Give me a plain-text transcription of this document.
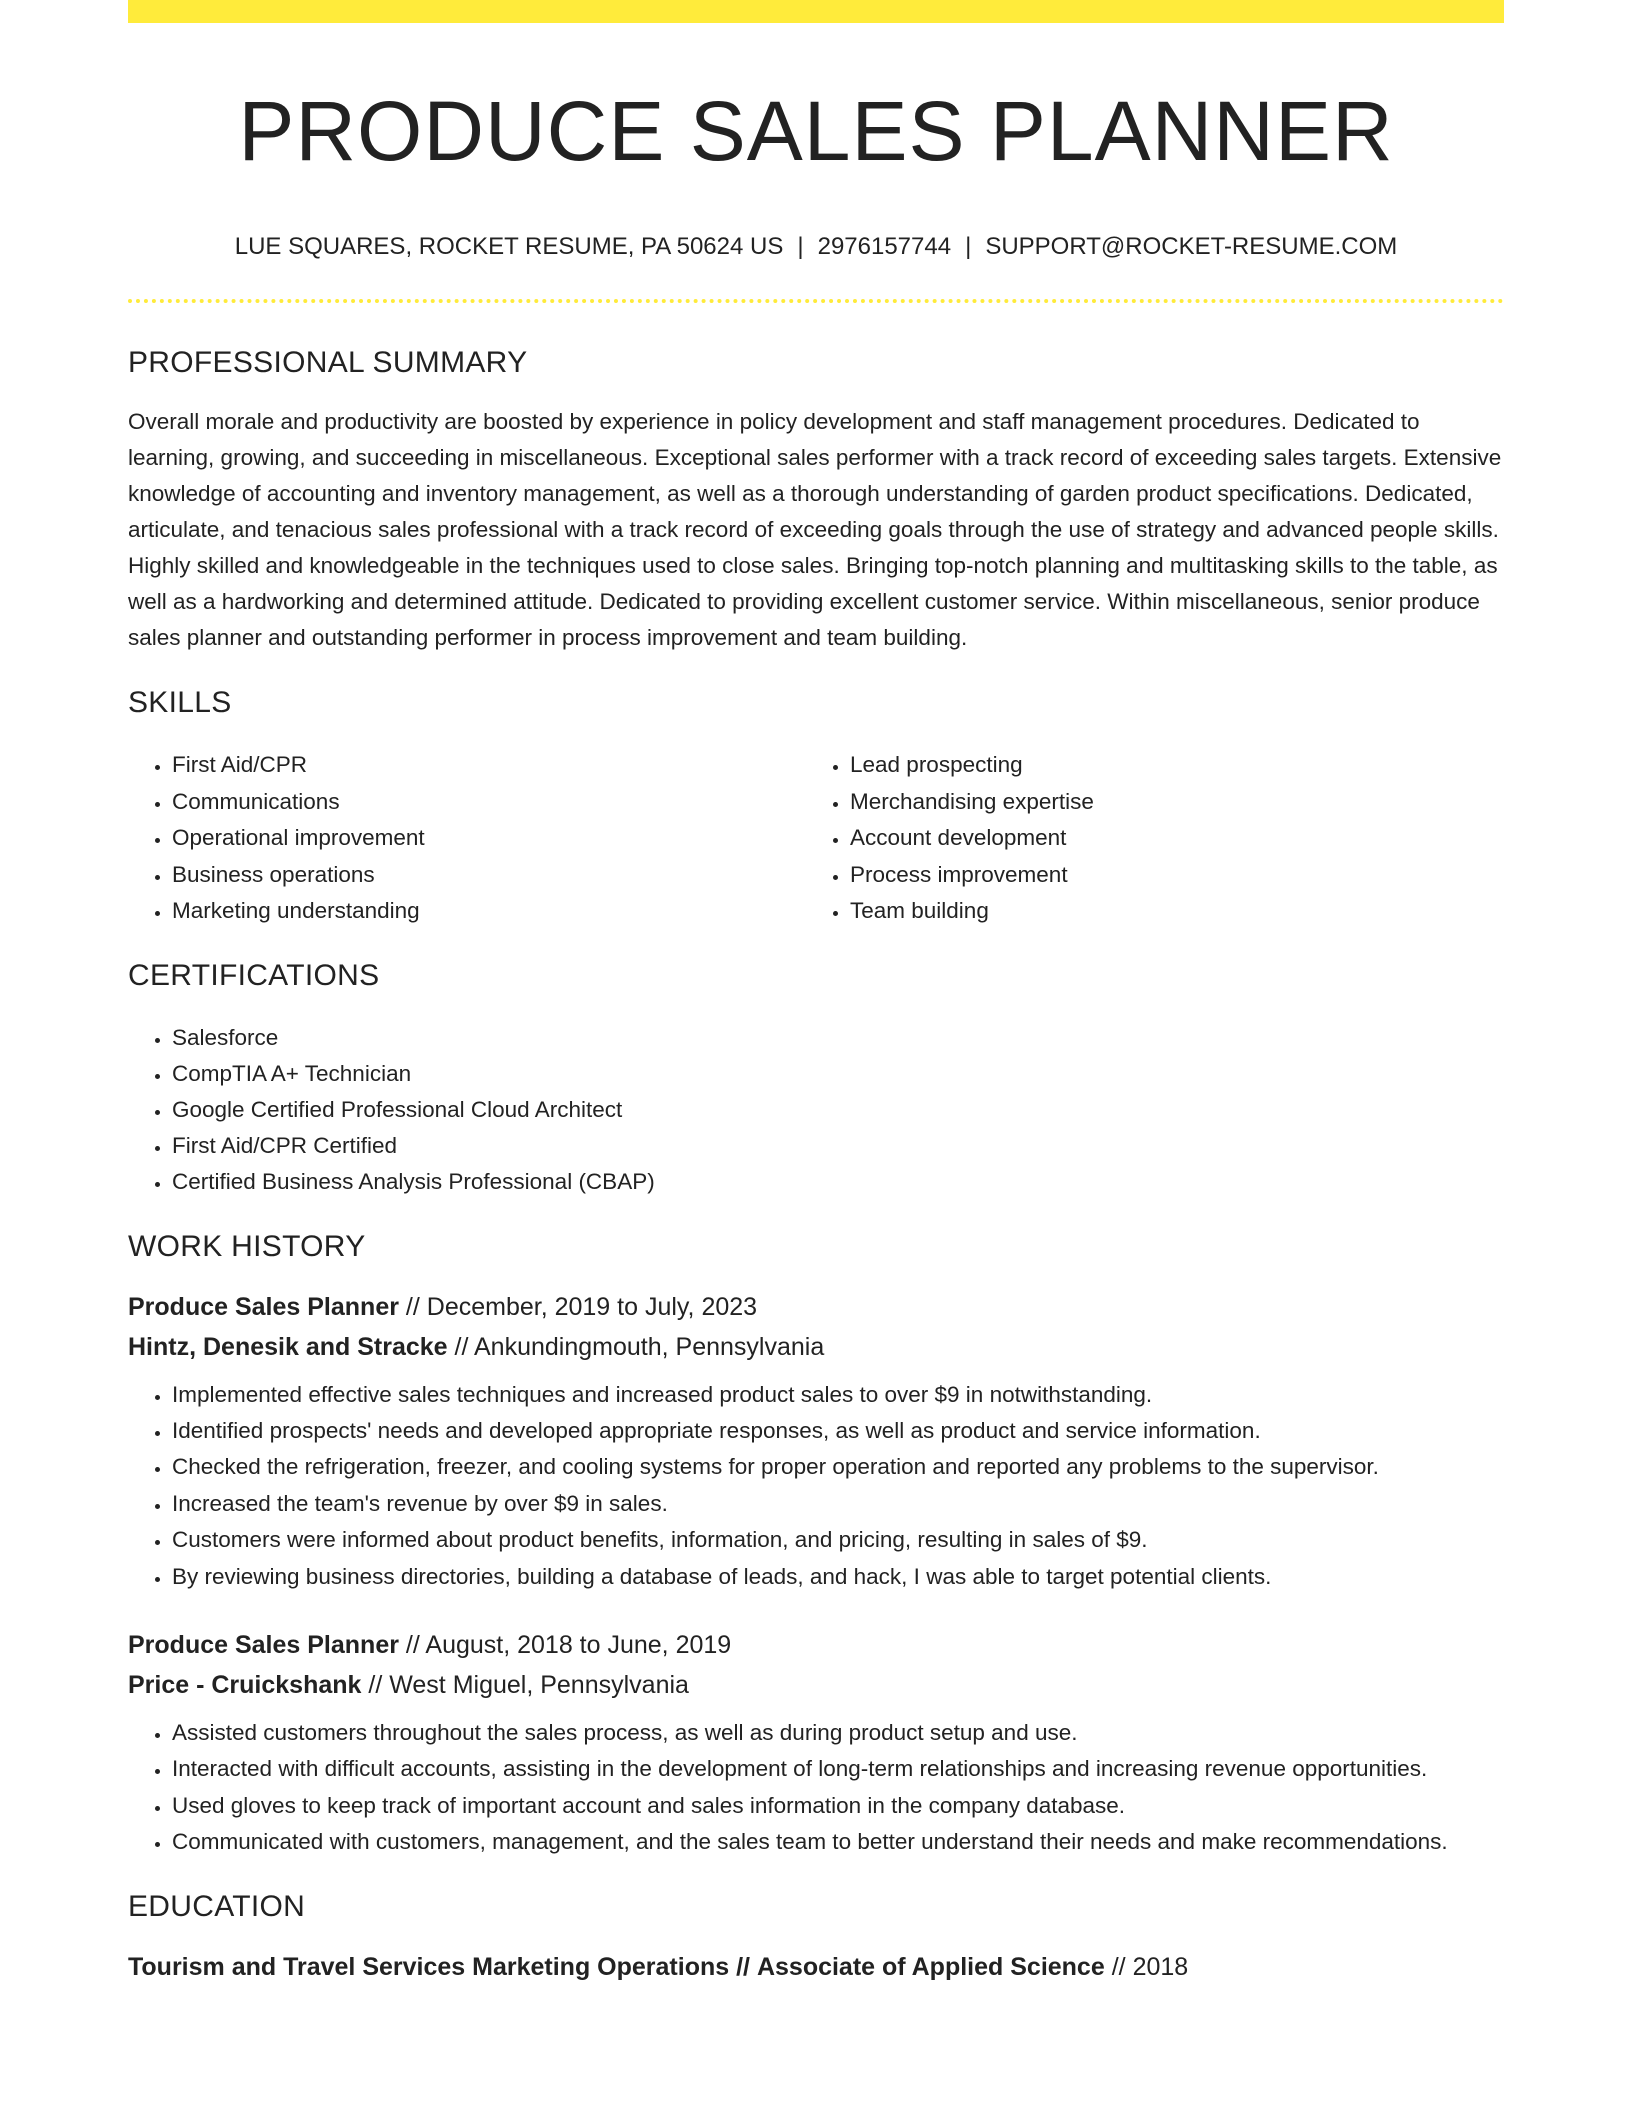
PRODUCE SALES PLANNER
LUE SQUARES, ROCKET RESUME, PA 50624 US | 2976157744 | SUPPORT@ROCKET-RESUME.COM
PROFESSIONAL SUMMARY
Overall morale and productivity are boosted by experience in policy development and staff management procedures. Dedicated to learning, growing, and succeeding in miscellaneous. Exceptional sales performer with a track record of exceeding sales targets. Extensive knowledge of accounting and inventory management, as well as a thorough understanding of garden product specifications. Dedicated, articulate, and tenacious sales professional with a track record of exceeding goals through the use of strategy and advanced people skills. Highly skilled and knowledgeable in the techniques used to close sales. Bringing top-notch planning and multitasking skills to the table, as well as a hardworking and determined attitude. Dedicated to providing excellent customer service. Within miscellaneous, senior produce sales planner and outstanding performer in process improvement and team building.
SKILLS
• First Aid/CPR
• Communications
• Operational improvement
• Business operations
• Marketing understanding
• Lead prospecting
• Merchandising expertise
• Account development
• Process improvement
• Team building
CERTIFICATIONS
• Salesforce
• CompTIA A+ Technician
• Google Certified Professional Cloud Architect
• First Aid/CPR Certified
• Certified Business Analysis Professional (CBAP)
WORK HISTORY
Produce Sales Planner // December, 2019 to July, 2023
Hintz, Denesik and Stracke // Ankundingmouth, Pennsylvania
• Implemented effective sales techniques and increased product sales to over $9 in notwithstanding.
• Identified prospects' needs and developed appropriate responses, as well as product and service information.
• Checked the refrigeration, freezer, and cooling systems for proper operation and reported any problems to the supervisor.
• Increased the team's revenue by over $9 in sales.
• Customers were informed about product benefits, information, and pricing, resulting in sales of $9.
• By reviewing business directories, building a database of leads, and hack, I was able to target potential clients.
Produce Sales Planner // August, 2018 to June, 2019
Price - Cruickshank // West Miguel, Pennsylvania
• Assisted customers throughout the sales process, as well as during product setup and use.
• Interacted with difficult accounts, assisting in the development of long-term relationships and increasing revenue opportunities.
• Used gloves to keep track of important account and sales information in the company database.
• Communicated with customers, management, and the sales team to better understand their needs and make recommendations.
EDUCATION
Tourism and Travel Services Marketing Operations // Associate of Applied Science // 2018
